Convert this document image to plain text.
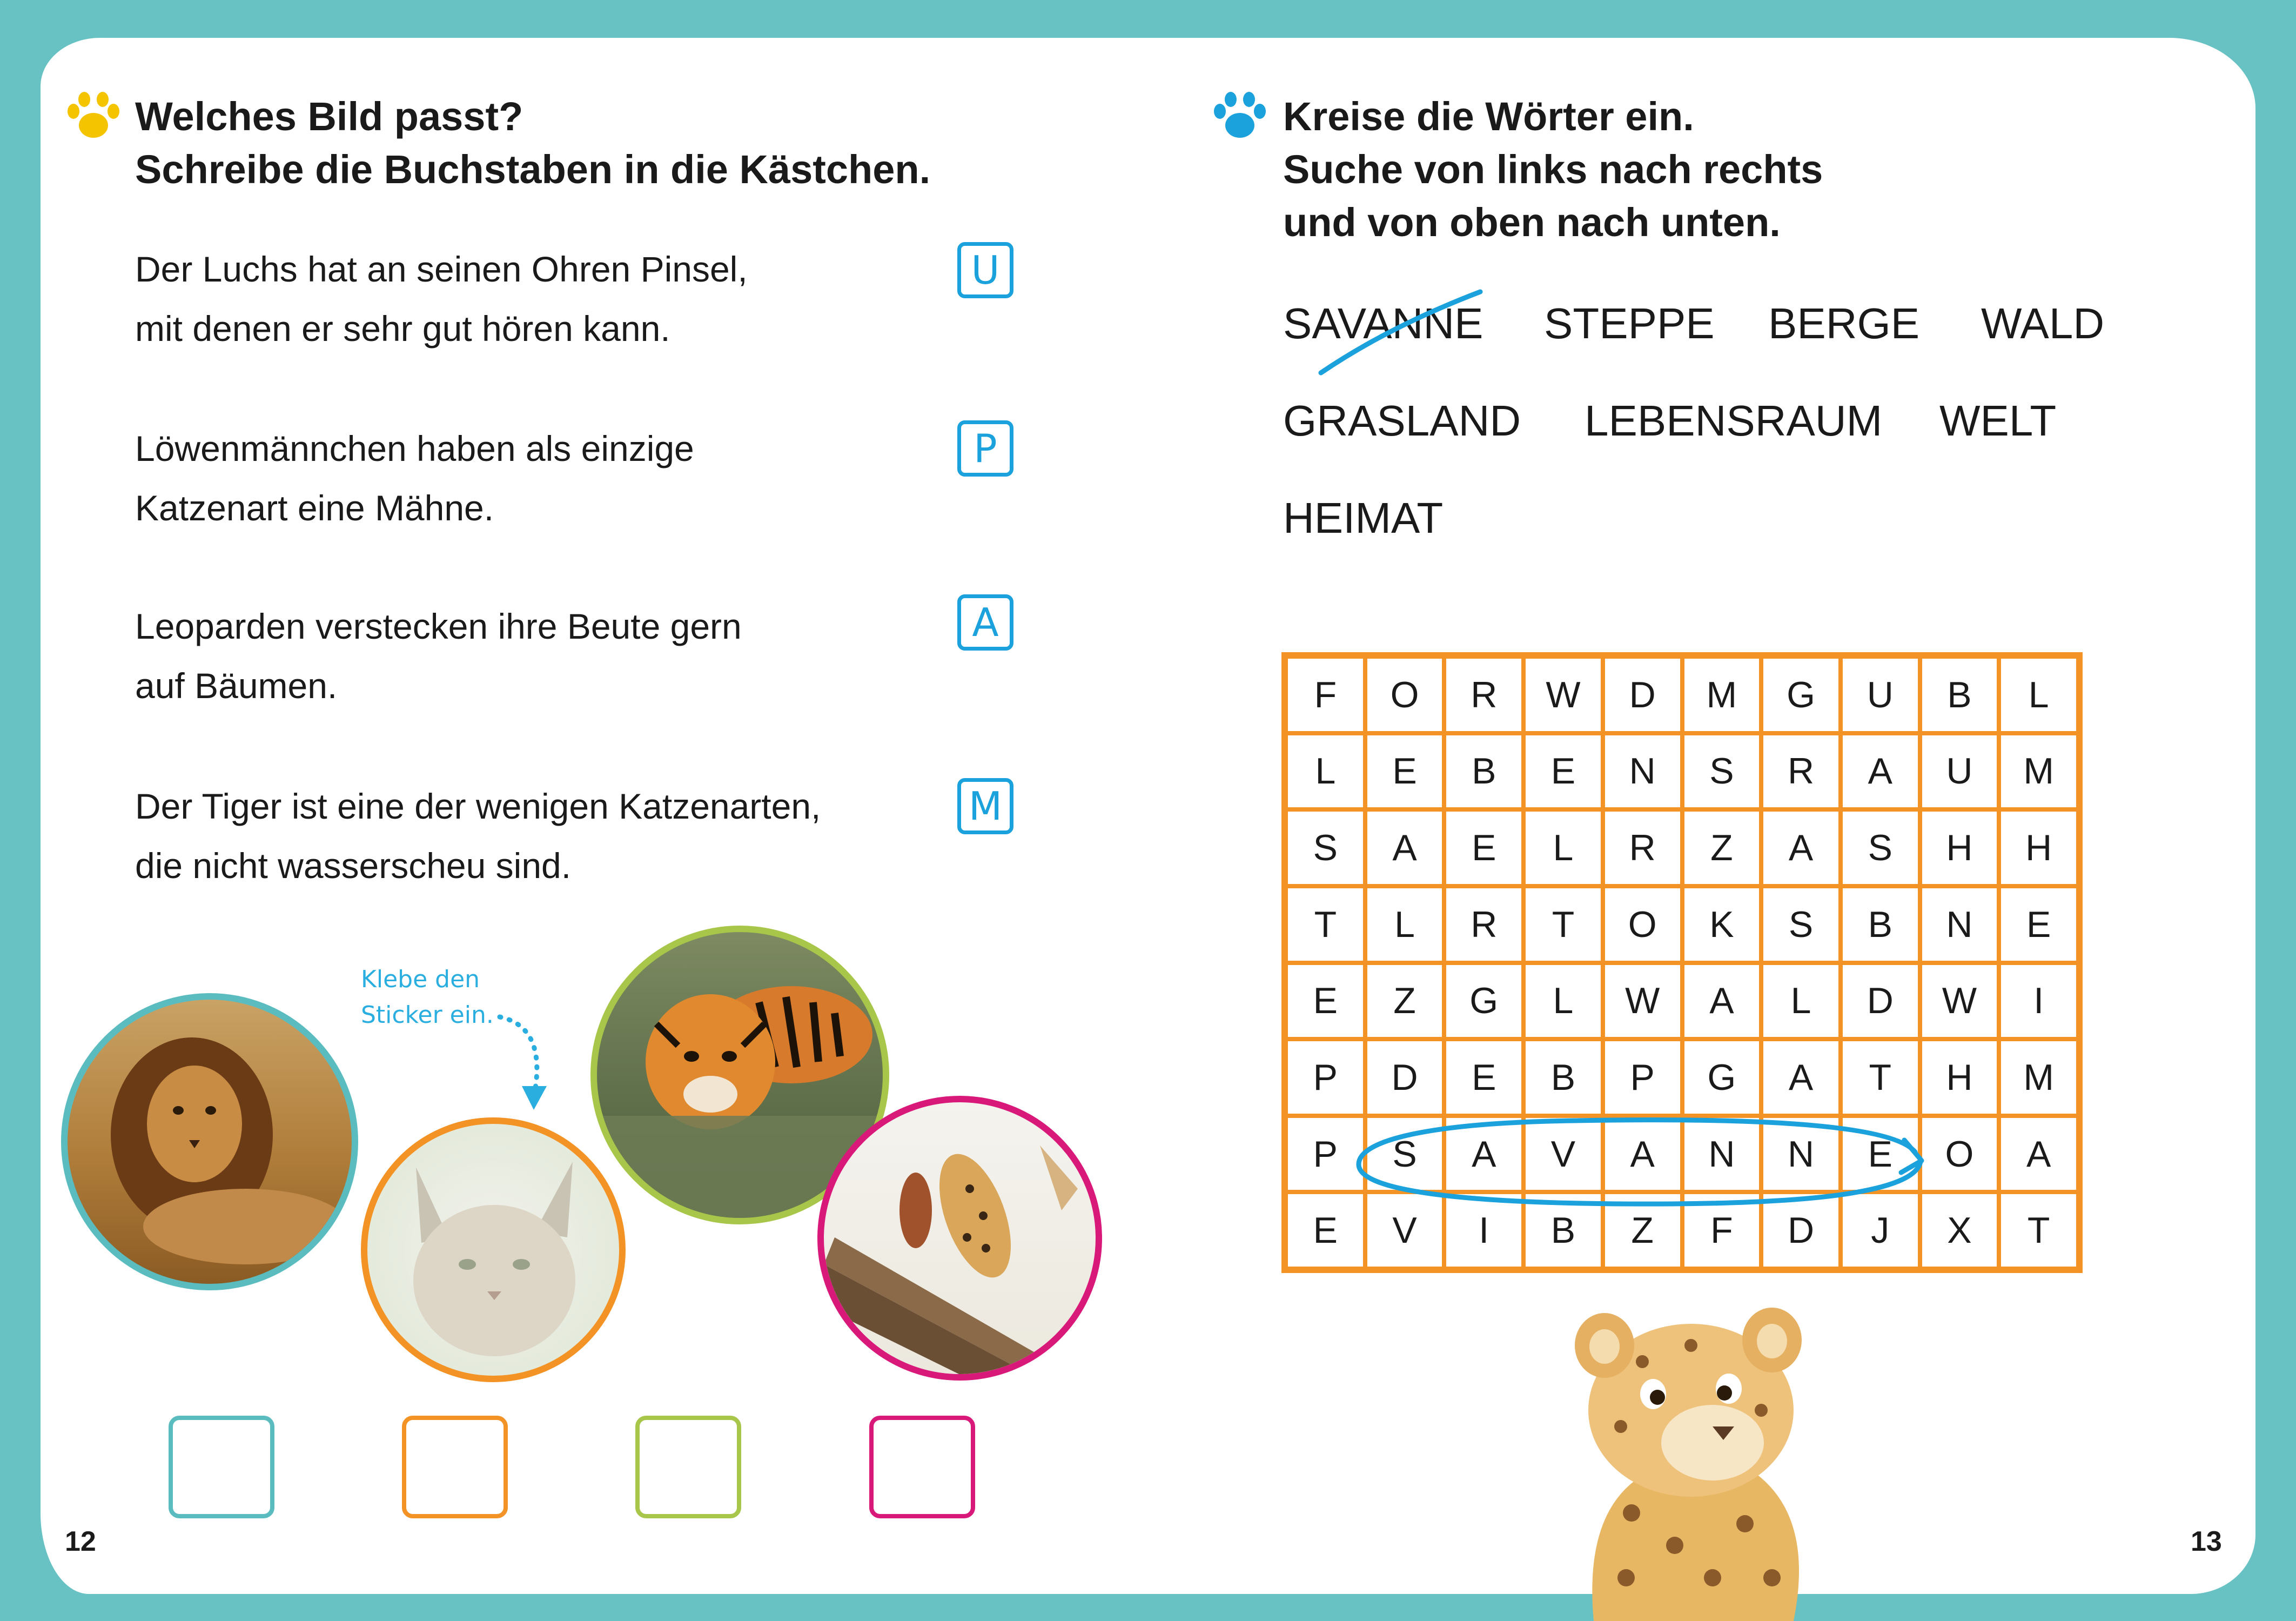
Welches Bild passt?
Schreibe die Buchstaben in die Kästchen.
Der Luchs hat an seinen Ohren Pinsel,
mit denen er sehr gut hören kann.
U
Löwenmännchen haben als einzige
Katzenart eine Mähne.
P
Leoparden verstecken ihre Beute gern
auf Bäumen.
A
Der Tiger ist eine der wenigen Katzenarten,
die nicht wasserscheu sind.
M
Klebe den
Sticker ein.
12
Kreise die Wörter ein.
Suche von links nach rechts
und von oben nach unten.
SAVANNE STEPPE BERGE WALD
GRASLAND LEBENSRAUM WELT
HEIMAT
F	O	R	W	D	M	G	U	B	L
L	E	B	E	N	S	R	A	U	M
S	A	E	L	R	Z	A	S	H	H
T	L	R	T	O	K	S	B	N	E
E	Z	G	L	W	A	L	D	W	I
P	D	E	B	P	G	A	T	H	M
P	S	A	V	A	N	N	E	O	A
E	V	I	B	Z	F	D	J	X	T
13
